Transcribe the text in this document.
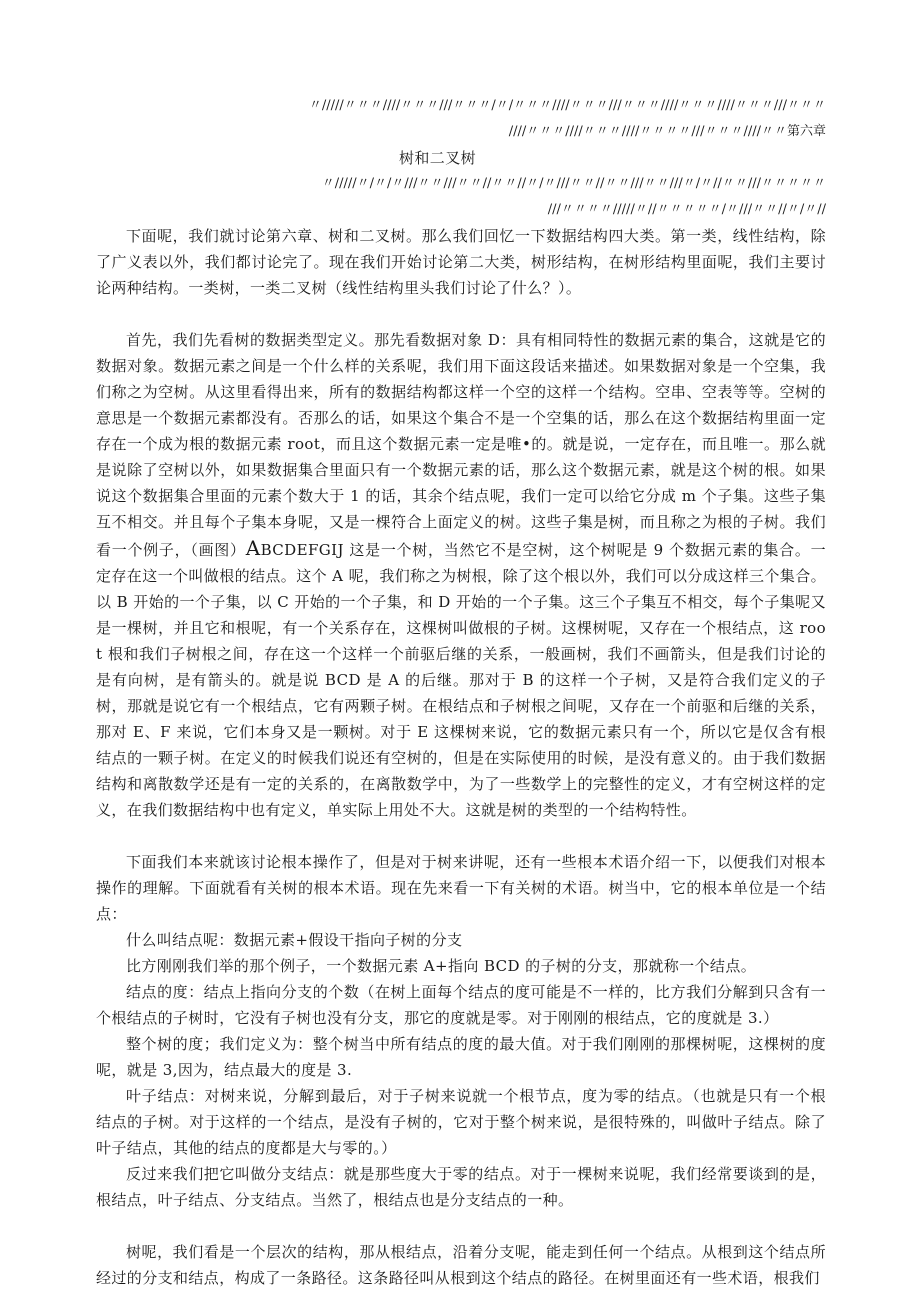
〃/////〃〃〃////〃〃〃///〃〃〃/〃/〃〃〃////〃〃〃///〃〃〃////〃〃〃////〃〃〃///〃〃〃

////〃〃〃////〃〃〃////〃〃〃〃///〃〃〃////〃〃第六章

树和二叉树

〃/////〃/〃/〃///〃〃///〃〃//〃〃//〃/〃///〃〃//〃〃///〃〃///〃/〃//〃〃///〃〃〃〃〃

///〃〃〃〃/////〃//〃〃〃〃〃/〃///〃〃//〃/〃//

下面呢，我们就讨论第六章、树和二叉树。那么我们回忆一下数据结构四大类。第一类，线性结构，除了广义表以外，我们都讨论完了。现在我们开始讨论第二大类，树形结构，在树形结构里面呢，我们主要讨论两种结构。一类树，一类二叉树（线性结构里头我们讨论了什么？）。

首先，我们先看树的数据类型定义。那先看数据对象 D：具有相同特性的数据元素的集合，这就是它的数据对象。数据元素之间是一个什么样的关系呢，我们用下面这段话来描述。如果数据对象是一个空集，我们称之为空树。从这里看得出来，所有的数据结构都这样一个空的这样一个结构。空串、空表等等。空树的意思是一个数据元素都没有。否那么的话，如果这个集合不是一个空集的话，那么在这个数据结构里面一定存在一个成为根的数据元素 root，而且这个数据元素一定是唯•的。就是说，一定存在，而且唯一。那么就是说除了空树以外，如果数据集合里面只有一个数据元素的话，那么这个数据元素，就是这个树的根。如果说这个数据集合里面的元素个数大于 1 的话，其余个结点呢，我们一定可以给它分成 m 个子集。这些子集互不相交。并且每个子集本身呢，又是一棵符合上面定义的树。这些子集是树，而且称之为根的子树。我们看一个例子，（画图）ABCDEFGIJ 这是一个树，当然它不是空树，这个树呢是 9 个数据元素的集合。一定存在这一个叫做根的结点。这个 A 呢，我们称之为树根，除了这个根以外，我们可以分成这样三个集合。以 B 开始的一个子集，以 C 开始的一个子集，和 D 开始的一个子集。这三个子集互不相交，每个子集呢又是一棵树，并且它和根呢，有一个关系存在，这棵树叫做根的子树。这棵树呢，又存在一个根结点，这 root 根和我们子树根之间，存在这一个这样一个前驱后继的关系，一般画树，我们不画箭头，但是我们讨论的是有向树，是有箭头的。就是说 BCD 是 A 的后继。那对于 B 的这样一个子树，又是符合我们定义的子树，那就是说它有一个根结点，它有两颗子树。在根结点和子树根之间呢，又存在一个前驱和后继的关系，那对 E、F 来说，它们本身又是一颗树。对于 E 这棵树来说，它的数据元素只有一个，所以它是仅含有根结点的一颗子树。在定义的时候我们说还有空树的，但是在实际使用的时候，是没有意义的。由于我们数据结构和离散数学还是有一定的关系的，在离散数学中，为了一些数学上的完整性的定义，才有空树这样的定义，在我们数据结构中也有定义，单实际上用处不大。这就是树的类型的一个结构特性。

下面我们本来就该讨论根本操作了，但是对于树来讲呢，还有一些根本术语介绍一下，以便我们对根本操作的理解。下面就看有关树的根本术语。现在先来看一下有关树的术语。树当中，它的根本单位是一个结点：

什么叫结点呢：数据元素+假设干指向子树的分支

比方刚刚我们举的那个例子，一个数据元素 A+指向 BCD 的子树的分支，那就称一个结点。

结点的度：结点上指向分支的个数（在树上面每个结点的度可能是不一样的，比方我们分解到只含有一个根结点的子树时，它没有子树也没有分支，那它的度就是零。对于刚刚的根结点，它的度就是 3.）

整个树的度；我们定义为：整个树当中所有结点的度的最大值。对于我们刚刚的那棵树呢，这棵树的度呢，就是 3,因为，结点最大的度是 3.

叶子结点：对树来说，分解到最后，对于子树来说就一个根节点，度为零的结点。（也就是只有一个根结点的子树。对于这样的一个结点，是没有子树的，它对于整个树来说，是很特殊的，叫做叶子结点。除了叶子结点，其他的结点的度都是大与零的。）

反过来我们把它叫做分支结点：就是那些度大于零的结点。对于一棵树来说呢，我们经常要谈到的是，根结点，叶子结点、分支结点。当然了，根结点也是分支结点的一种。

树呢，我们看是一个层次的结构，那从根结点，沿着分支呢，能走到任何一个结点。从根到这个结点所经过的分支和结点，构成了一条路径。这条路径叫从根到这个结点的路径。在树里面还有一些术语，根我们
